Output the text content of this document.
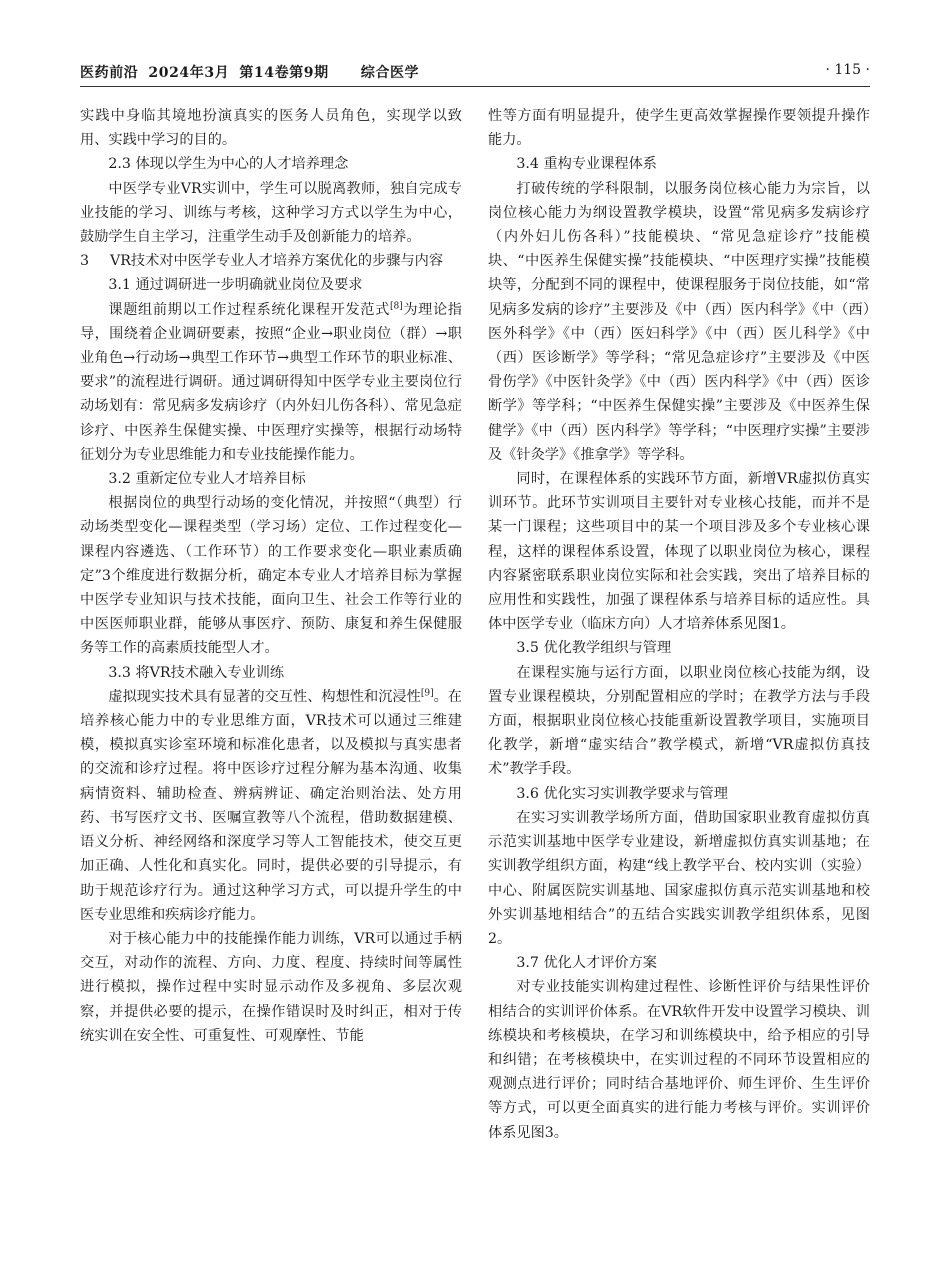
医药前沿 2024年3月 第14卷第9期 综合医学	· 115 ·

实践中身临其境地扮演真实的医务人员角色，实现学以致用、实践中学习的目的。

2.3 体现以学生为中心的人才培养理念

中医学专业VR实训中，学生可以脱离教师，独自完成专业技能的学习、训练与考核，这种学习方式以学生为中心，鼓励学生自主学习，注重学生动手及创新能力的培养。

3	VR技术对中医学专业人才培养方案优化的步骤与内容

3.1 通过调研进一步明确就业岗位及要求

课题组前期以工作过程系统化课程开发范式[8]为理论指导，围绕着企业调研要素，按照“企业→职业岗位（群）→职业角色→行动场→典型工作环节→典型工作环节的职业标准、要求”的流程进行调研。通过调研得知中医学专业主要岗位行动场划有：常见病多发病诊疗（内外妇儿伤各科）、常见急症诊疗、中医养生保健实操、中医理疗实操等，根据行动场特征划分为专业思维能力和专业技能操作能力。

3.2 重新定位专业人才培养目标

根据岗位的典型行动场的变化情况，并按照“（典型）行动场类型变化—课程类型（学习场）定位、工作过程变化—课程内容遴选、（工作环节）的工作要求变化—职业素质确定”3个维度进行数据分析，确定本专业人才培养目标为掌握中医学专业知识与技术技能，面向卫生、社会工作等行业的中医医师职业群，能够从事医疗、预防、康复和养生保健服务等工作的高素质技能型人才。

3.3 将VR技术融入专业训练

虚拟现实技术具有显著的交互性、构想性和沉浸性[9]。在培养核心能力中的专业思维方面，VR技术可以通过三维建模，模拟真实诊室环境和标准化患者，以及模拟与真实患者的交流和诊疗过程。将中医诊疗过程分解为基本沟通、收集病情资料、辅助检查、辨病辨证、确定治则治法、处方用药、书写医疗文书、医嘱宣教等八个流程，借助数据建模、语义分析、神经网络和深度学习等人工智能技术，使交互更加正确、人性化和真实化。同时，提供必要的引导提示，有助于规范诊疗行为。通过这种学习方式，可以提升学生的中医专业思维和疾病诊疗能力。

对于核心能力中的技能操作能力训练，VR可以通过手柄交互，对动作的流程、方向、力度、程度、持续时间等属性进行模拟，操作过程中实时显示动作及多视角、多层次观察，并提供必要的提示，在操作错误时及时纠正，相对于传统实训在安全性、可重复性、可观摩性、节能

性等方面有明显提升，使学生更高效掌握操作要领提升操作能力。

3.4 重构专业课程体系

打破传统的学科限制，以服务岗位核心能力为宗旨，以岗位核心能力为纲设置教学模块，设置“常见病多发病诊疗（内外妇儿伤各科）”技能模块、“常见急症诊疗”技能模块、“中医养生保健实操”技能模块、“中医理疗实操”技能模块等，分配到不同的课程中，使课程服务于岗位技能，如“常见病多发病的诊疗”主要涉及《中（西）医内科学》《中（西）医外科学》《中（西）医妇科学》《中（西）医儿科学》《中（西）医诊断学》等学科；“常见急症诊疗”主要涉及《中医骨伤学》《中医针灸学》《中（西）医内科学》《中（西）医诊断学》等学科；“中医养生保健实操”主要涉及《中医养生保健学》《中（西）医内科学》等学科；“中医理疗实操”主要涉及《针灸学》《推拿学》等学科。

同时，在课程体系的实践环节方面，新增VR虚拟仿真实训环节。此环节实训项目主要针对专业核心技能，而并不是某一门课程；这些项目中的某一个项目涉及多个专业核心课程，这样的课程体系设置，体现了以职业岗位为核心，课程内容紧密联系职业岗位实际和社会实践，突出了培养目标的应用性和实践性，加强了课程体系与培养目标的适应性。具体中医学专业（临床方向）人才培养体系见图1。

3.5 优化教学组织与管理

在课程实施与运行方面，以职业岗位核心技能为纲，设置专业课程模块，分别配置相应的学时；在教学方法与手段方面，根据职业岗位核心技能重新设置教学项目，实施项目化教学，新增“虚实结合”教学模式，新增“VR虚拟仿真技术”教学手段。

3.6 优化实习实训教学要求与管理

在实习实训教学场所方面，借助国家职业教育虚拟仿真示范实训基地中医学专业建设，新增虚拟仿真实训基地；在实训教学组织方面，构建“线上教学平台、校内实训（实验）中心、附属医院实训基地、国家虚拟仿真示范实训基地和校外实训基地相结合”的五结合实践实训教学组织体系，见图2。

3.7 优化人才评价方案

对专业技能实训构建过程性、诊断性评价与结果性评价相结合的实训评价体系。在VR软件开发中设置学习模块、训练模块和考核模块，在学习和训练模块中，给予相应的引导和纠错；在考核模块中，在实训过程的不同环节设置相应的观测点进行评价；同时结合基地评价、师生评价、生生评价等方式，可以更全面真实的进行能力考核与评价。实训评价体系见图3。
